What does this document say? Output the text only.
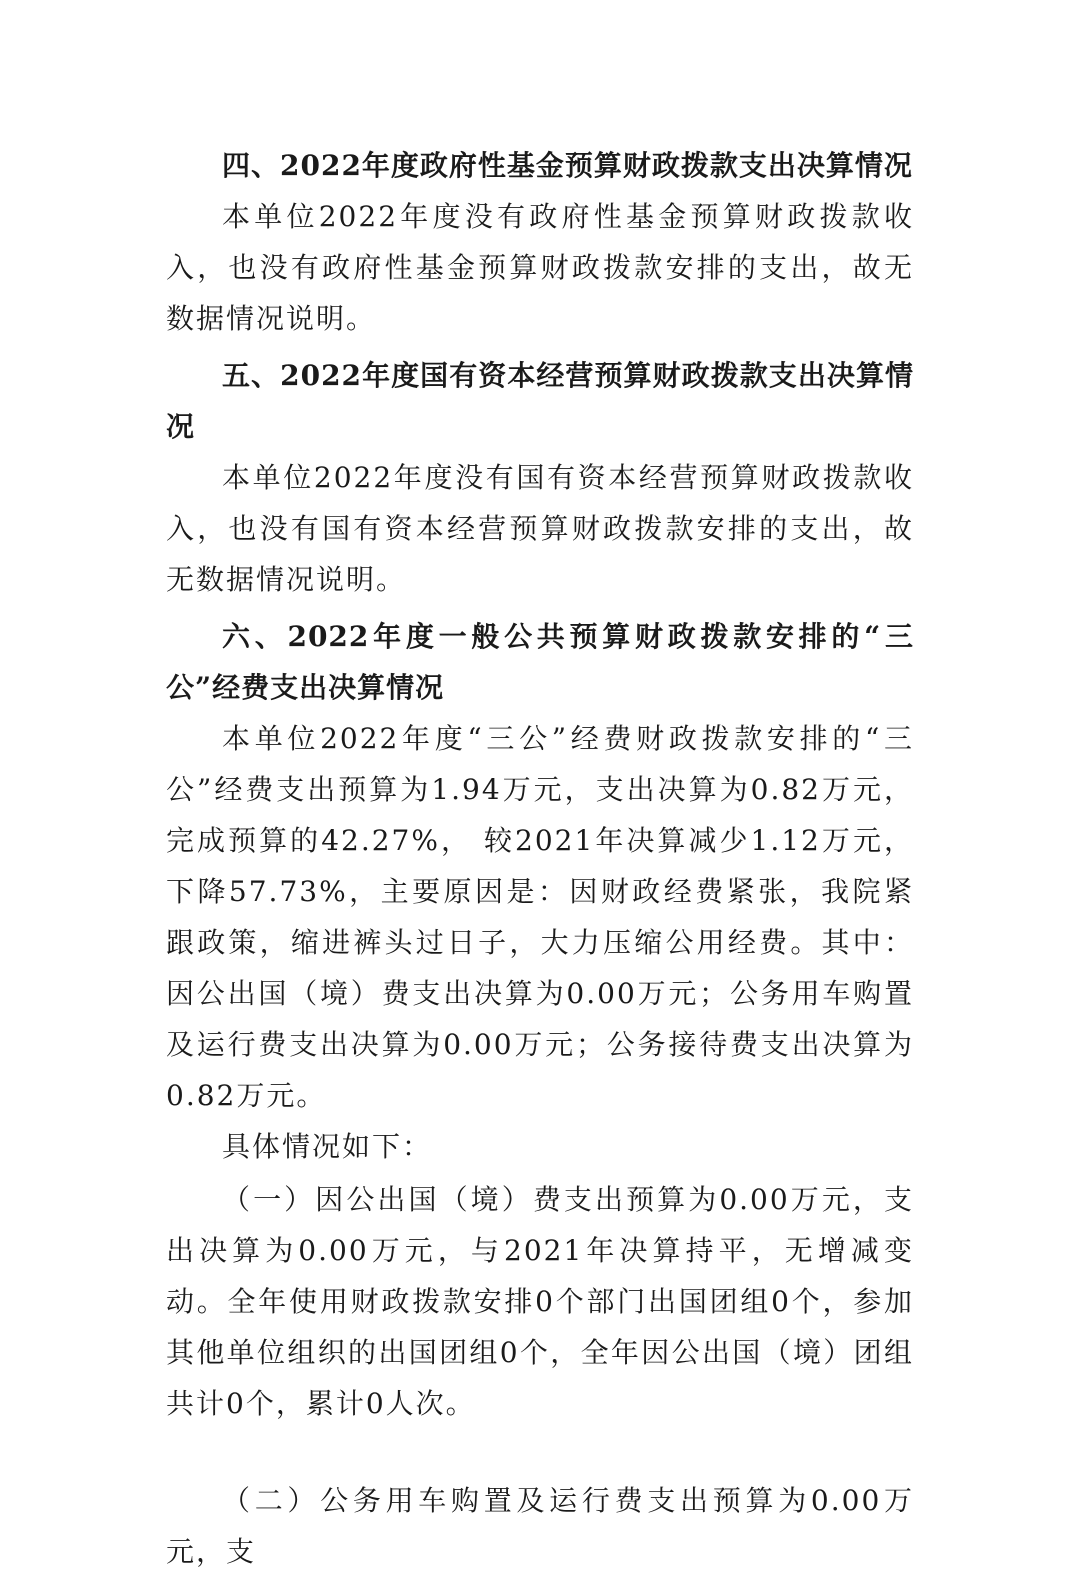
四、2022年度政府性基金预算财政拨款支出决算情况

本单位2022年度没有政府性基金预算财政拨款收入，也没有政府性基金预算财政拨款安排的支出，故无数据情况说明。

五、2022年度国有资本经营预算财政拨款支出决算情况

本单位2022年度没有国有资本经营预算财政拨款收入，也没有国有资本经营预算财政拨款安排的支出，故无数据情况说明。

六、2022年度一般公共预算财政拨款安排的“三公”经费支出决算情况

本单位2022年度“三公”经费财政拨款安排的“三公”经费支出预算为1.94万元，支出决算为0.82万元，完成预算的42.27%， 较2021年决算减少1.12万元，下降57.73%，主要原因是：因财政经费紧张，我院紧跟政策，缩进裤头过日子，大力压缩公用经费。其中：因公出国（境）费支出决算为0.00万元；公务用车购置及运行费支出决算为0.00万元；公务接待费支出决算为0.82万元。

具体情况如下：

（一）因公出国（境）费支出预算为0.00万元，支出决算为0.00万元，与2021年决算持平，无增减变动。全年使用财政拨款安排0个部门出国团组0个，参加其他单位组织的出国团组0个，全年因公出国（境）团组共计0个，累计0人次。

（二）公务用车购置及运行费支出预算为0.00万元，支
